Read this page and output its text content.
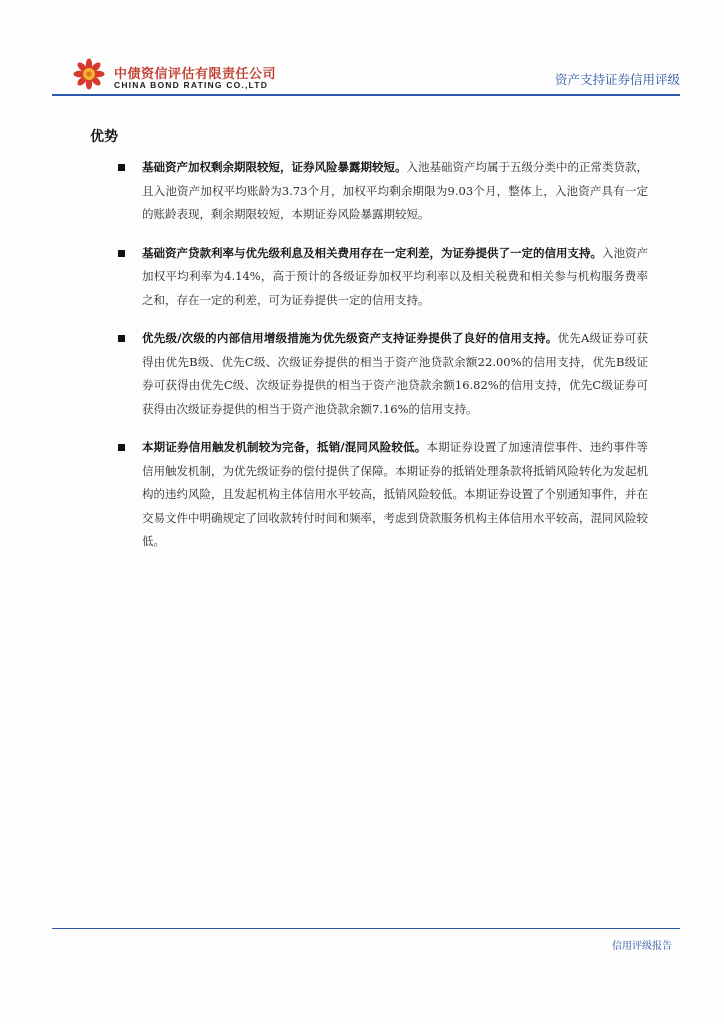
中债资信评估有限责任公司
CHINA BOND RATING CO.,LTD	资产支持证券信用评级
优势
基础资产加权剩余期限较短，证券风险暴露期较短。入池基础资产均属于五级分类中的正常类贷款，且入池资产加权平均账龄为3.73个月，加权平均剩余期限为9.03个月，整体上，入池资产具有一定的账龄表现，剩余期限较短，本期证券风险暴露期较短。
基础资产贷款利率与优先级利息及相关费用存在一定利差，为证券提供了一定的信用支持。入池资产加权平均利率为4.14%，高于预计的各级证券加权平均利率以及相关税费和相关参与机构服务费率之和，存在一定的利差，可为证券提供一定的信用支持。
优先级/次级的内部信用增级措施为优先级资产支持证券提供了良好的信用支持。优先A级证券可获得由优先B级、优先C级、次级证券提供的相当于资产池贷款余额22.00%的信用支持，优先B级证券可获得由优先C级、次级证券提供的相当于资产池贷款余额16.82%的信用支持，优先C级证券可获得由次级证券提供的相当于资产池贷款余额7.16%的信用支持。
本期证券信用触发机制较为完备，抵销/混同风险较低。本期证券设置了加速清偿事件、违约事件等信用触发机制，为优先级证券的偿付提供了保障。本期证券的抵销处理条款将抵销风险转化为发起机构的违约风险，且发起机构主体信用水平较高，抵销风险较低。本期证券设置了个别通知事件，并在交易文件中明确规定了回收款转付时间和频率，考虑到贷款服务机构主体信用水平较高，混同风险较低。
信用评级报告
